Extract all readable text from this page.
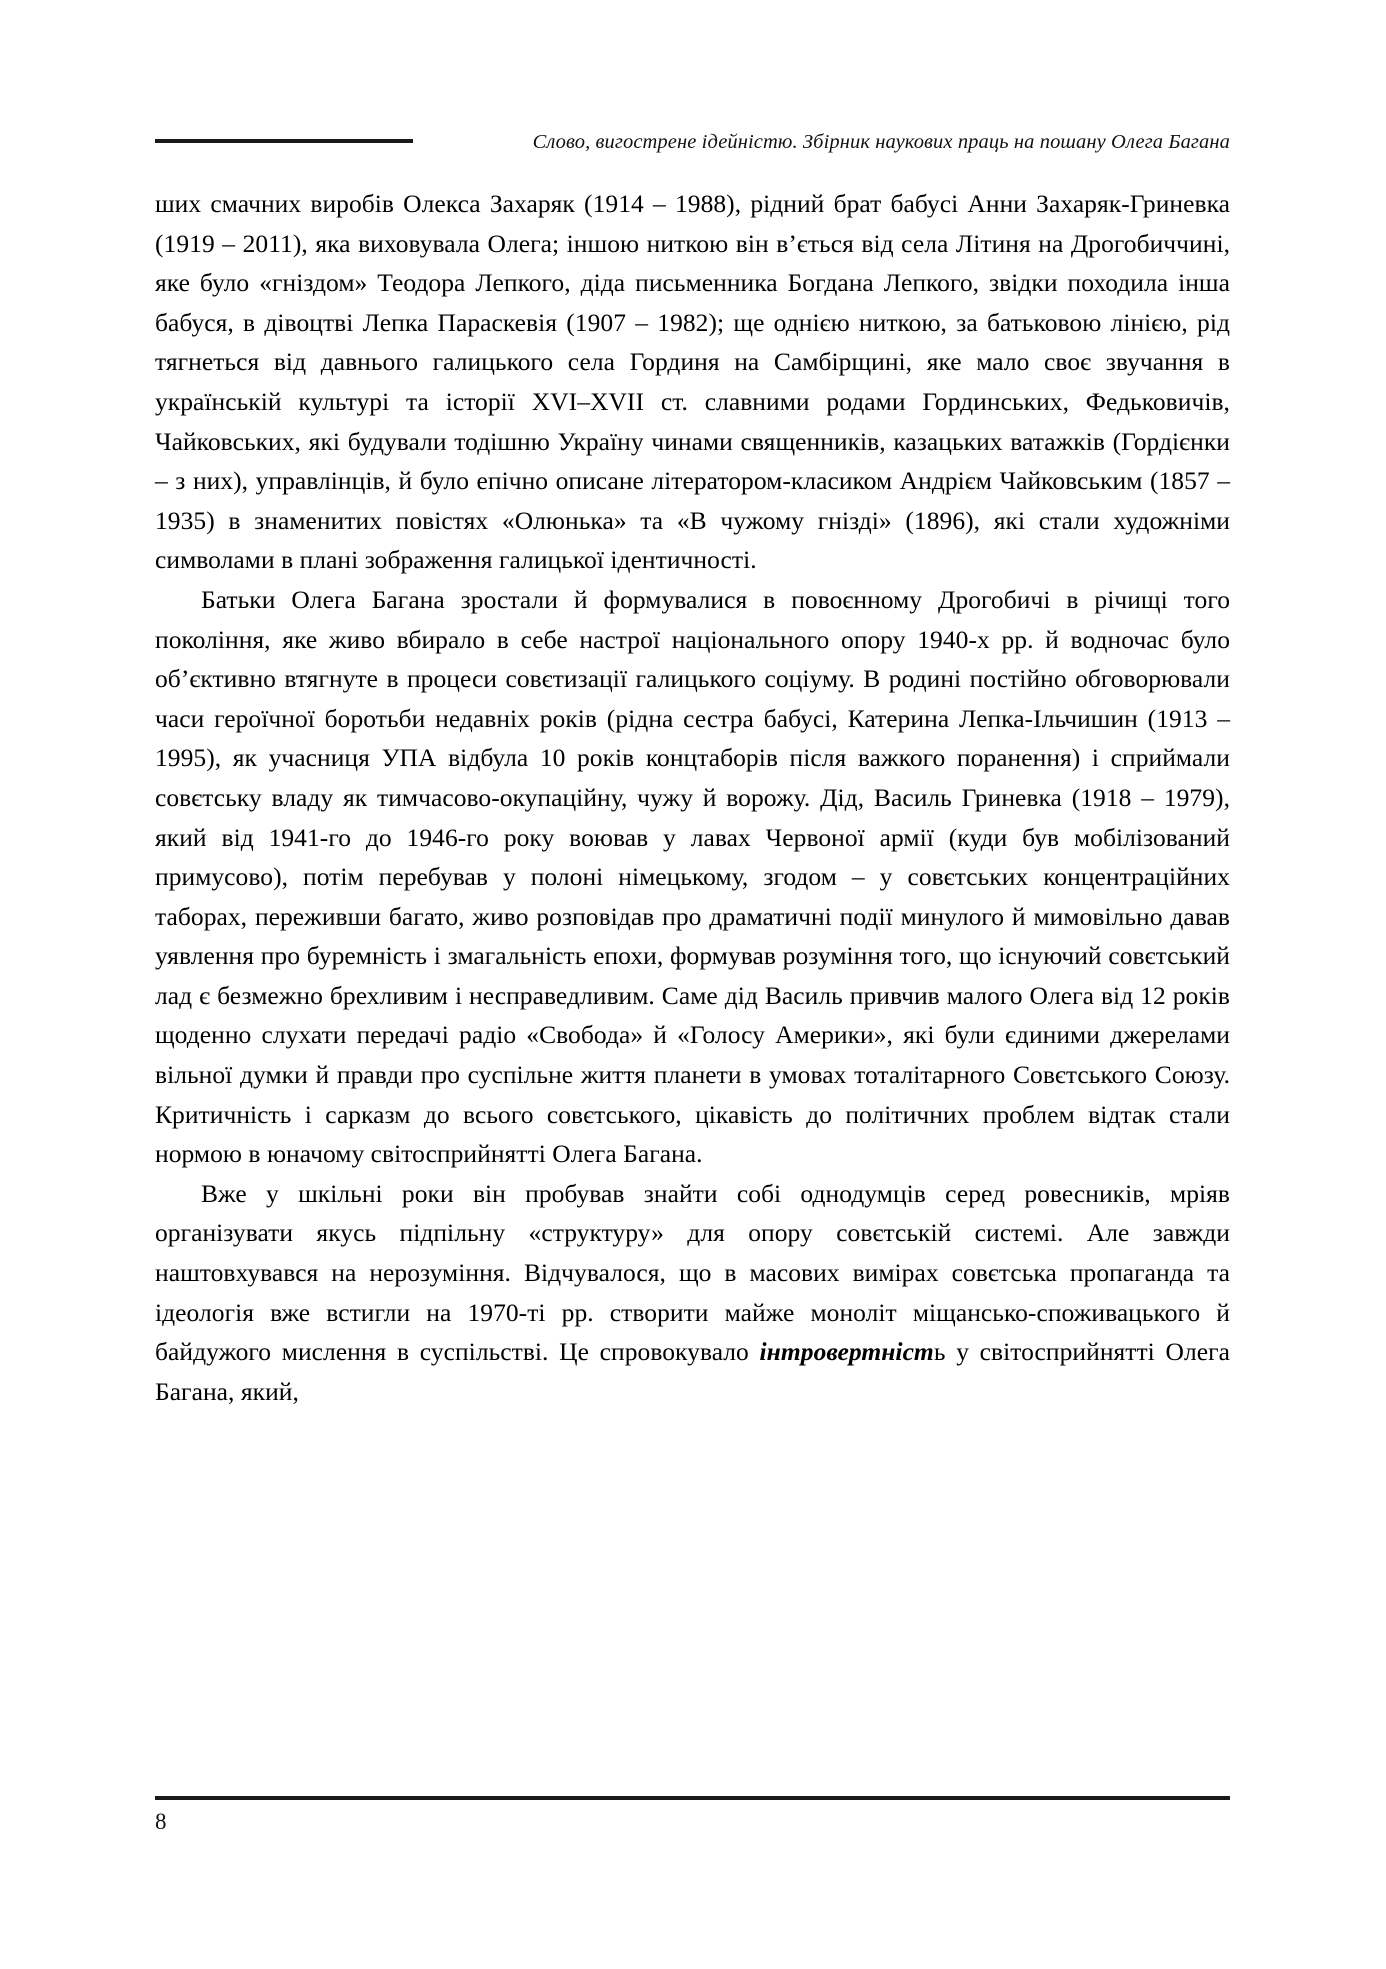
Слово, вигострене ідейністю. Збірник наукових праць на пошану Олега Багана

ших смачних виробів Олекса Захаряк (1914 – 1988), рідний брат бабусі Анни Захаряк-Гриневка (1919 – 2011), яка виховувала Олега; іншою ниткою він в’ється від села Літиня на Дрогобиччині, яке було «гніздом» Теодора Лепкого, діда письменника Богдана Лепкого, звідки походила інша бабуся, в дівоцтві Лепка Параскевія (1907 – 1982); ще однією ниткою, за батьковою лінією, рід тягнеться від давнього галицького села Гординя на Самбірщині, яке мало своє звучання в українській культурі та історії XVI–XVII ст. славними родами Гординських, Федьковичів, Чайковських, які будували тодішню Україну чинами священників, казацьких ватажків (Гордієнки – з них), управлінців, й було епічно описане літератором-класиком Андрієм Чайковським (1857 – 1935) в знаменитих повістях «Олюнька» та «В чужому гнізді» (1896), які стали художніми символами в плані зображення галицької ідентичності.

Батьки Олега Багана зростали й формувалися в повоєнному Дрогобичі в річищі того покоління, яке живо вбирало в себе настрої національного опору 1940-х рр. й водночас було об’єктивно втягнуте в процеси совєтизації галицького соціуму. В родині постійно обговорювали часи героїчної боротьби недавніх років (рідна сестра бабусі, Катерина Лепка-Ільчишин (1913 – 1995), як учасниця УПА відбула 10 років концтаборів після важкого поранення) і сприймали совєтську владу як тимчасово-окупаційну, чужу й ворожу. Дід, Василь Гриневка (1918 – 1979), який від 1941-го до 1946-го року воював у лавах Червоної армії (куди був мобілізований примусово), потім перебував у полоні німецькому, згодом – у совєтських концентраційних таборах, переживши багато, живо розповідав про драматичні події минулого й мимовільно давав уявлення про буремність і змагальність епохи, формував розуміння того, що існуючий совєтський лад є безмежно брехливим і несправедливим. Саме дід Василь привчив малого Олега від 12 років щоденно слухати передачі радіо «Свобода» й «Голосу Америки», які були єдиними джерелами вільної думки й правди про суспільне життя планети в умовах тоталітарного Совєтського Союзу. Критичність і сарказм до всього совєтського, цікавість до політичних проблем відтак стали нормою в юначому світосприйнятті Олега Багана.

Вже у шкільні роки він пробував знайти собі однодумців серед ровесників, мріяв організувати якусь підпільну «структуру» для опору совєтській системі. Але завжди наштовхувався на нерозуміння. Відчувалося, що в масових вимірах совєтська пропаганда та ідеологія вже встигли на 1970-ті рр. створити майже моноліт міщансько-споживацького й байдужого мислення в суспільстві. Це спровокувало інтровертність у світосприйнятті Олега Багана, який,

8
